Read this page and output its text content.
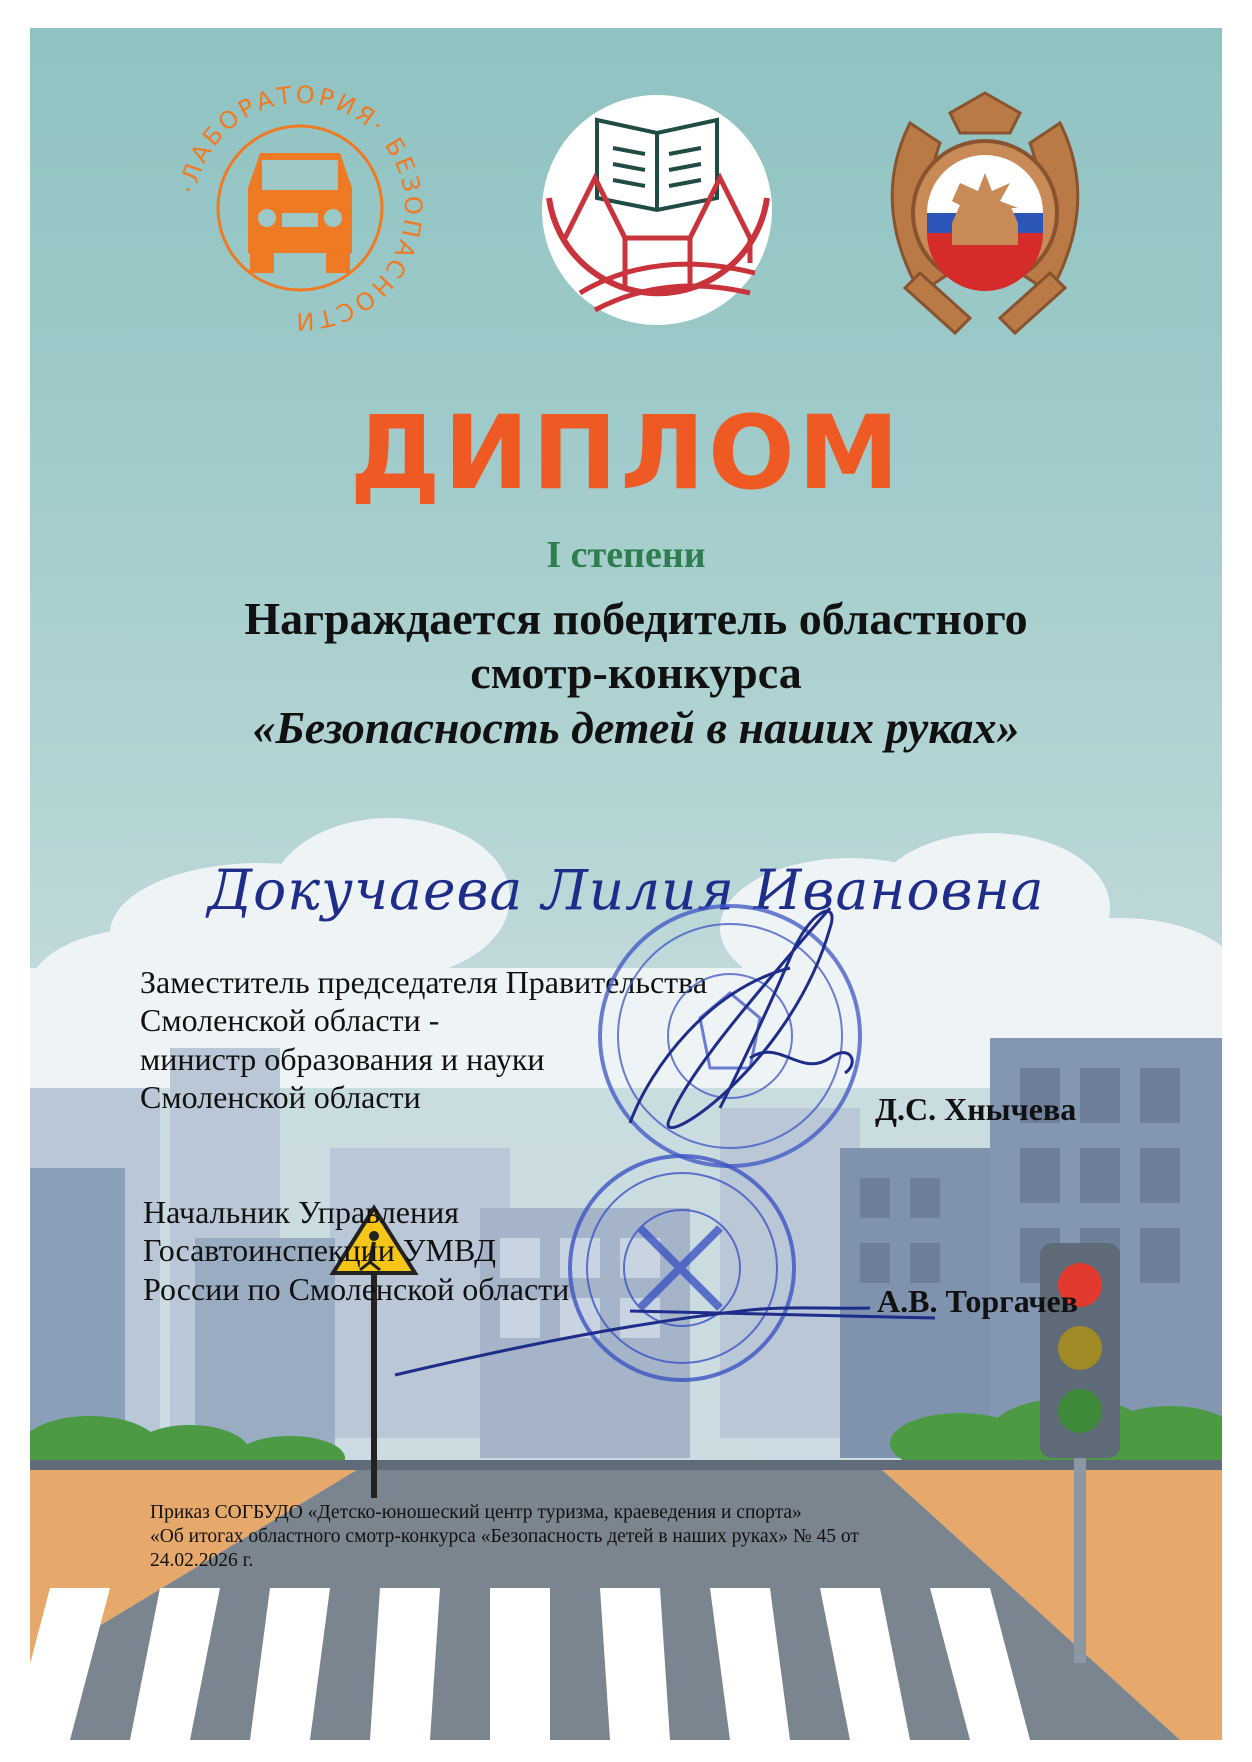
·ЛАБОРАТОРИЯ· БЕЗОПАСНОСТИ
ДИПЛОМ
I степени
Награждается победитель областного
смотр-конкурса
«Безопасность детей в наших руках»
Докучаева Лилия Ивановна
Заместитель председателя Правительства
Смоленской области -
министр образования и науки
Смоленской области	Д.С. Хнычева
Начальник Управления
Госавтоинспекции УМВД
России по Смоленской области	А.В. Торгачев
Приказ СОГБУДО «Детско-юношеский центр туризма, краеведения и спорта»
«Об итогах областного смотр-конкурса «Безопасность детей в наших руках» № 45 от
24.02.2026 г.
